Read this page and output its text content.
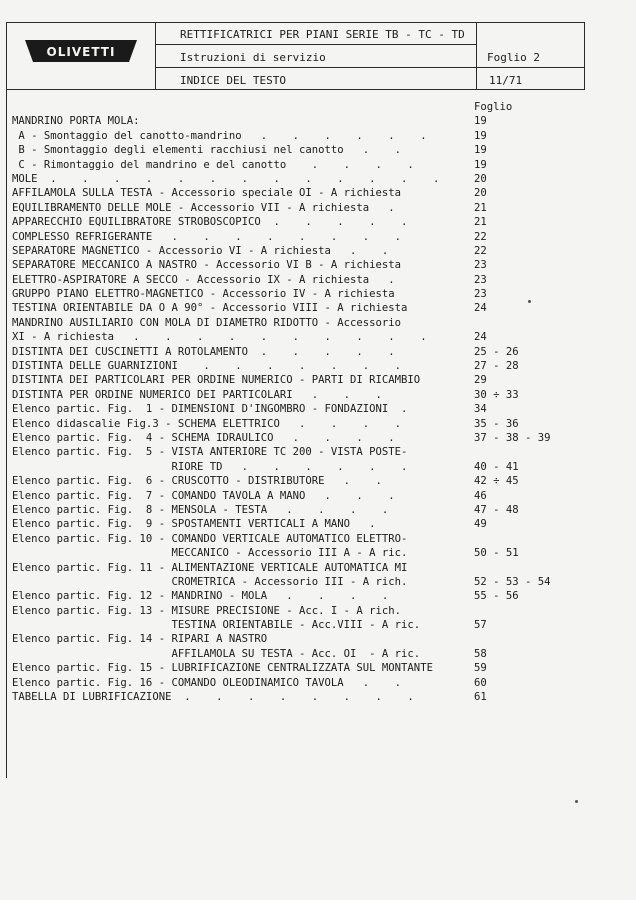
OLIVETTI
RETTIFICATRICI PER PIANI SERIE TB - TC - TD
Istruzioni di servizio
INDICE DEL TESTO
Foglio 2
11/71
Foglio
MANDRINO PORTA MOLA:	19
A - Smontaggio del canotto-mandrino   .    .    .    .    .    .	19
B - Smontaggio degli elementi racchiusi nel canotto   .    .	19
C - Rimontaggio del mandrino e del canotto    .    .    .    .	19
MOLE  .    .    .    .    .    .    .    .    .    .    .    .    .	20
AFFILAMOLA SULLA TESTA - Accessorio speciale OI - A richiesta	20
EQUILIBRAMENTO DELLE MOLE - Accessorio VII - A richiesta   .	21
APPARECCHIO EQUILIBRATORE STROBOSCOPICO  .    .    .    .    .	21
COMPLESSO REFRIGERANTE   .    .    .    .    .    .    .    .	22
SEPARATORE MAGNETICO - Accessorio VI - A richiesta   .    .	22
SEPARATORE MECCANICO A NASTRO - Accessorio VI B - A richiesta	23
ELETTRO-ASPIRATORE A SECCO - Accessorio IX - A richiesta   .	23
GRUPPO PIANO ELETTRO-MAGNETICO - Accessorio IV - A richiesta	23
TESTINA ORIENTABILE DA O A 90° - Accessorio VIII - A richiesta	24
MANDRINO AUSILIARIO CON MOLA DI DIAMETRO RIDOTTO - Accessorio
XI - A richiesta   .    .    .    .    .    .    .    .    .    .	24
DISTINTA DEI CUSCINETTI A ROTOLAMENTO  .    .    .    .    .	25 - 26
DISTINTA DELLE GUARNIZIONI    .    .    .    .    .    .    .	27 - 28
DISTINTA DEI PARTICOLARI PER ORDINE NUMERICO - PARTI DI RICAMBIO	29
DISTINTA PER ORDINE NUMERICO DEI PARTICOLARI   .    .    .	30 ÷ 33
Elenco partic. Fig.  1 - DIMENSIONI D'INGOMBRO - FONDAZIONI  .	34
Elenco didascalie Fig.3 - SCHEMA ELETTRICO   .    .    .    .	35 - 36
Elenco partic. Fig.  4 - SCHEMA IDRAULICO   .    .    .    .	37 - 38 - 39
Elenco partic. Fig.  5 - VISTA ANTERIORE TC 200 - VISTA POSTE-
RIORE TD   .    .    .    .    .    .	40 - 41
Elenco partic. Fig.  6 - CRUSCOTTO - DISTRIBUTORE   .    .	42 ÷ 45
Elenco partic. Fig.  7 - COMANDO TAVOLA A MANO   .    .    .	46
Elenco partic. Fig.  8 - MENSOLA - TESTA   .    .    .    .	47 - 48
Elenco partic. Fig.  9 - SPOSTAMENTI VERTICALI A MANO   .	49
Elenco partic. Fig. 10 - COMANDO VERTICALE AUTOMATICO ELETTRO-
MECCANICO - Accessorio III A - A ric.	50 - 51
Elenco partic. Fig. 11 - ALIMENTAZIONE VERTICALE AUTOMATICA MI
CROMETRICA - Accessorio III - A rich.	52 - 53 - 54
Elenco partic. Fig. 12 - MANDRINO - MOLA   .    .    .    .	55 - 56
Elenco partic. Fig. 13 - MISURE PRECISIONE - Acc. I - A rich.
TESTINA ORIENTABILE - Acc.VIII - A ric.	57
Elenco partic. Fig. 14 - RIPARI A NASTRO
AFFILAMOLA SU TESTA - Acc. OI  - A ric.	58
Elenco partic. Fig. 15 - LUBRIFICAZIONE CENTRALIZZATA SUL MONTANTE	59
Elenco partic. Fig. 16 - COMANDO OLEODINAMICO TAVOLA   .    .	60
TABELLA DI LUBRIFICAZIONE  .    .    .    .    .    .    .    .	61
